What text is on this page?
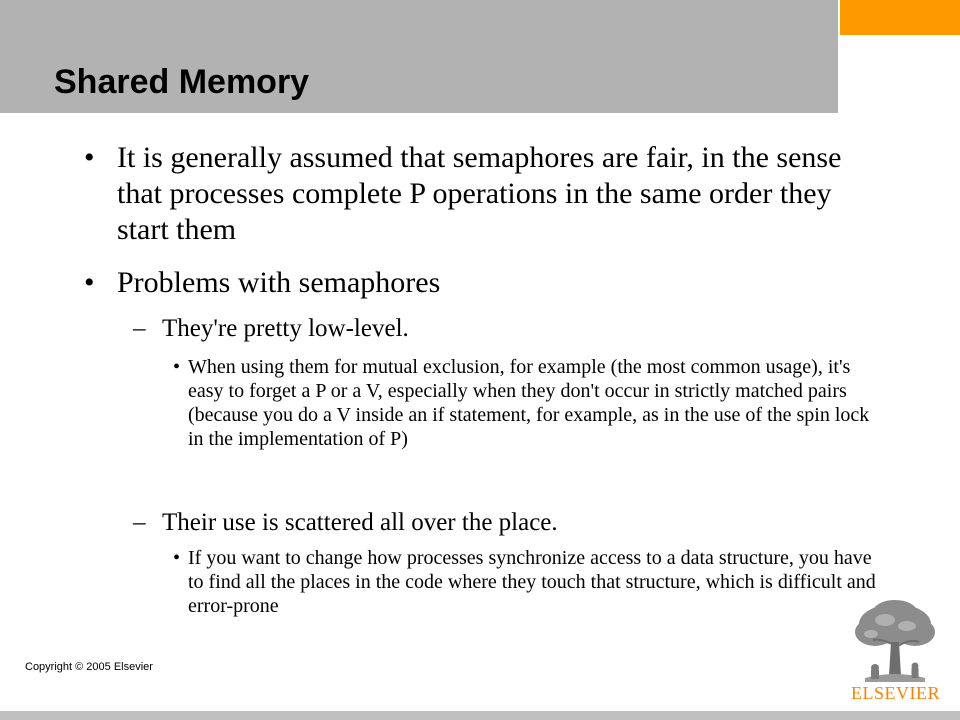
Shared Memory
• It is generally assumed that semaphores are fair, in the sense that processes complete P operations in the same order they start them
• Problems with semaphores
– They're pretty low-level.
• When using them for mutual exclusion, for example (the most common usage), it's easy to forget a P or a V, especially when they don't occur in strictly matched pairs (because you do a V inside an if statement, for example, as in the use of the spin lock in the implementation of P)
– Their use is scattered all over the place.
• If you want to change how processes synchronize access to a data structure, you have to find all the places in the code where they touch that structure, which is difficult and error-prone
Copyright © 2005 Elsevier
ELSEVIER
